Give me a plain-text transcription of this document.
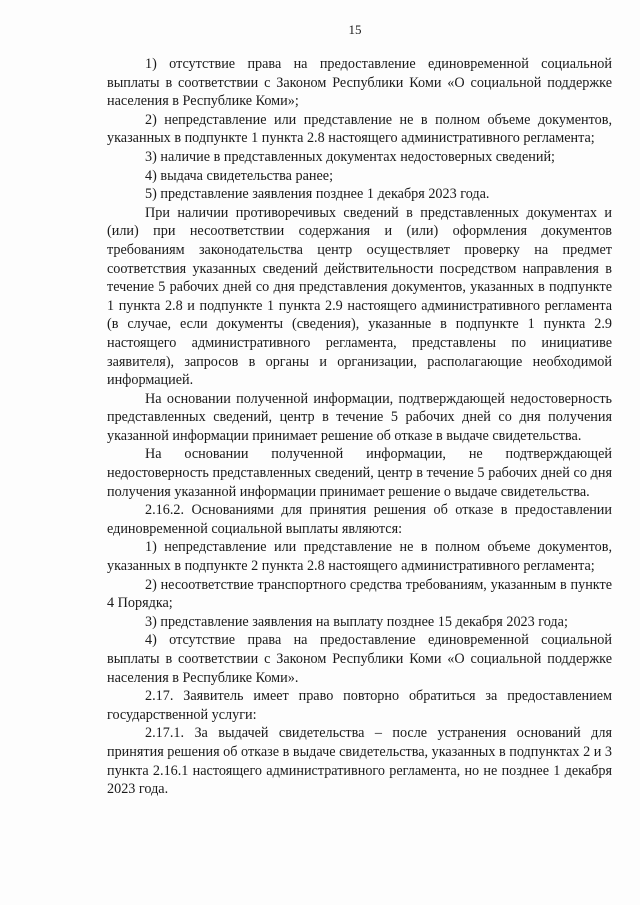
15

1) отсутствие права на предоставление единовременной социальной выплаты в соответствии с Законом Республики Коми «О социальной поддержке населения в Республике Коми»;

2) непредставление или представление не в полном объеме документов, указанных в подпункте 1 пункта 2.8 настоящего административного регламента;

3) наличие в представленных документах недостоверных сведений;

4) выдача свидетельства ранее;

5) представление заявления позднее 1 декабря 2023 года.

При наличии противоречивых сведений в представленных документах и (или) при несоответствии содержания и (или) оформления документов требованиям законодательства центр осуществляет проверку на предмет соответствия указанных сведений действительности посредством направления в течение 5 рабочих дней со дня представления документов, указанных в подпункте 1 пункта 2.8 и подпункте 1 пункта 2.9 настоящего административного регламента (в случае, если документы (сведения), указанные в подпункте 1 пункта 2.9 настоящего административного регламента, представлены по инициативе заявителя), запросов в органы и организации, располагающие необходимой информацией.

На основании полученной информации, подтверждающей недостоверность представленных сведений, центр в течение 5 рабочих дней со дня получения указанной информации принимает решение об отказе в выдаче свидетельства.

На основании полученной информации, не подтверждающей недостоверность представленных сведений, центр в течение 5 рабочих дней со дня получения указанной информации принимает решение о выдаче свидетельства.

2.16.2. Основаниями для принятия решения об отказе в предоставлении единовременной социальной выплаты являются:

1) непредставление или представление не в полном объеме документов, указанных в подпункте 2 пункта 2.8 настоящего административного регламента;

2) несоответствие транспортного средства требованиям, указанным в пункте 4 Порядка;

3) представление заявления на выплату позднее 15 декабря 2023 года;

4) отсутствие права на предоставление единовременной социальной выплаты в соответствии с Законом Республики Коми «О социальной поддержке населения в Республике Коми».

2.17. Заявитель имеет право повторно обратиться за предоставлением государственной услуги:

2.17.1. За выдачей свидетельства – после устранения оснований для принятия решения об отказе в выдаче свидетельства, указанных в подпунктах 2 и 3 пункта 2.16.1 настоящего административного регламента, но не позднее 1 декабря 2023 года.
